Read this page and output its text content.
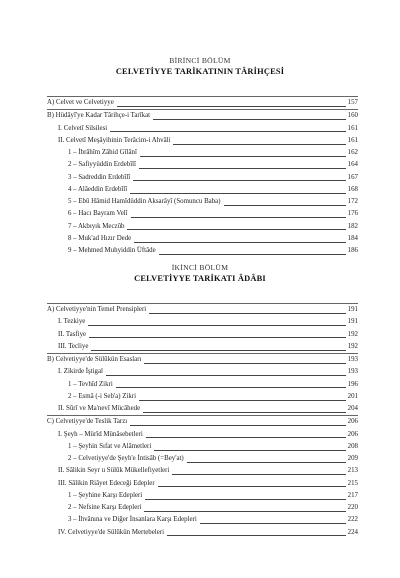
BİRİNCİ BÖLÜM
CELVETİYYE TARİKATININ TÂRİHÇESİ
A) Celvet ve Celvetiyye	157
B) Hüdâyî'ye Kadar Târihçe-i Tarîkat	160
I. Celvetî Silsilesi	161
II. Celvetî Meşâyihinin Terâcim-i Ahvâli	161
1 – İbrâhîm Zâhid Gîlânî	162
2 – Safiyyüddin Erdebîlî	164
3 – Sadreddin Erdebîlî	167
4 – Alâeddin Erdebîlî	168
5 – Ebû Hâmid Hamîdüddin Aksarâyî (Somuncu Baba)	172
6 – Hacı Bayram Velî	176
7 – Akbıyık Meczûb	182
8 – Muk'ad Hızır Dede	184
9 – Mehmed Muhyiddin Üftâde	186
İKİNCİ BÖLÜM
CELVETİYYE TARİKATI ÂDÂBI
A) Celvetiyye'nin Temel Prensipleri	191
I. Tezkiye	191
II. Tasfiye	192
III. Tecliye	192
B) Celvetiyye'de Sülûkün Esasları	193
I. Zikirde İştigal	193
1 – Tevhîd Zikri	196
2 – Esmâ (-i Seb'a) Zikri	201
II. Sûrî ve Ma'nevî Mücâhede	204
C) Celvetiyye'de Teslik Tarzı	206
I. Şeyh – Mürîd Münâsebetleri	206
1 – Şeyhin Sıfat ve Alâmetleri	208
2 – Celvetiyye'de Şeyh'e İntisâb (=Bey'at)	209
II. Sâlikin Seyr u Sülûk Mükellefiyetleri	213
III. Sâlikin Riâyet Edeceği Edepler	215
1 – Şeyhine Karşı Edepleri	217
2 – Nefsine Karşı Edepleri	220
3 – İhvânına ve Diğer İnsanlara Karşı Edepleri	222
IV. Celvetiyye'de Sülûkün Mertebeleri	224
